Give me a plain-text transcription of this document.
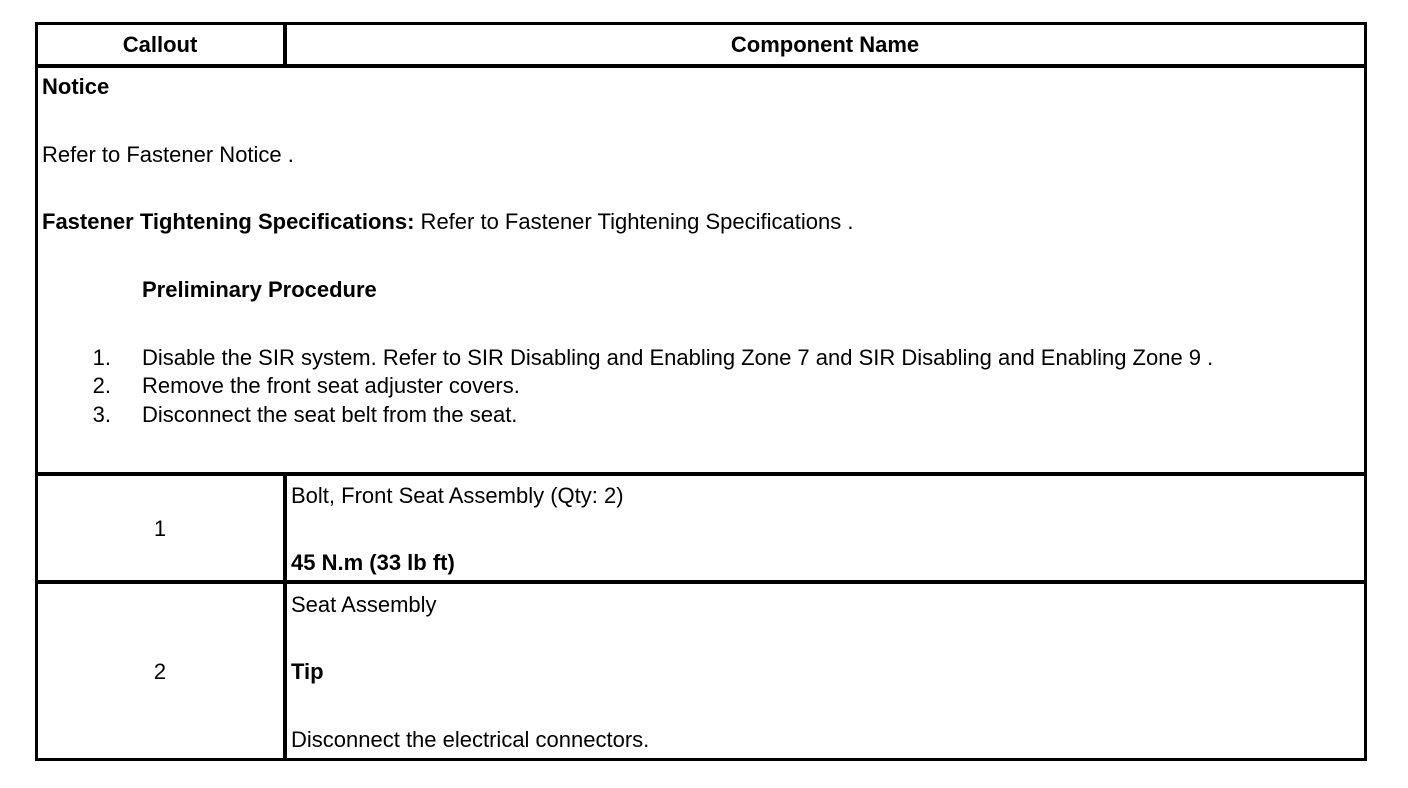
Callout	Component Name
Notice
Refer to Fastener Notice .
Fastener Tightening Specifications: Refer to Fastener Tightening Specifications .
Preliminary Procedure
1. Disable the SIR system. Refer to SIR Disabling and Enabling Zone 7 and SIR Disabling and Enabling Zone 9 .
2. Remove the front seat adjuster covers.
3. Disconnect the seat belt from the seat.
1
Bolt, Front Seat Assembly (Qty: 2)
45 N.m (33 lb ft)
2
Seat Assembly
Tip
Disconnect the electrical connectors.
